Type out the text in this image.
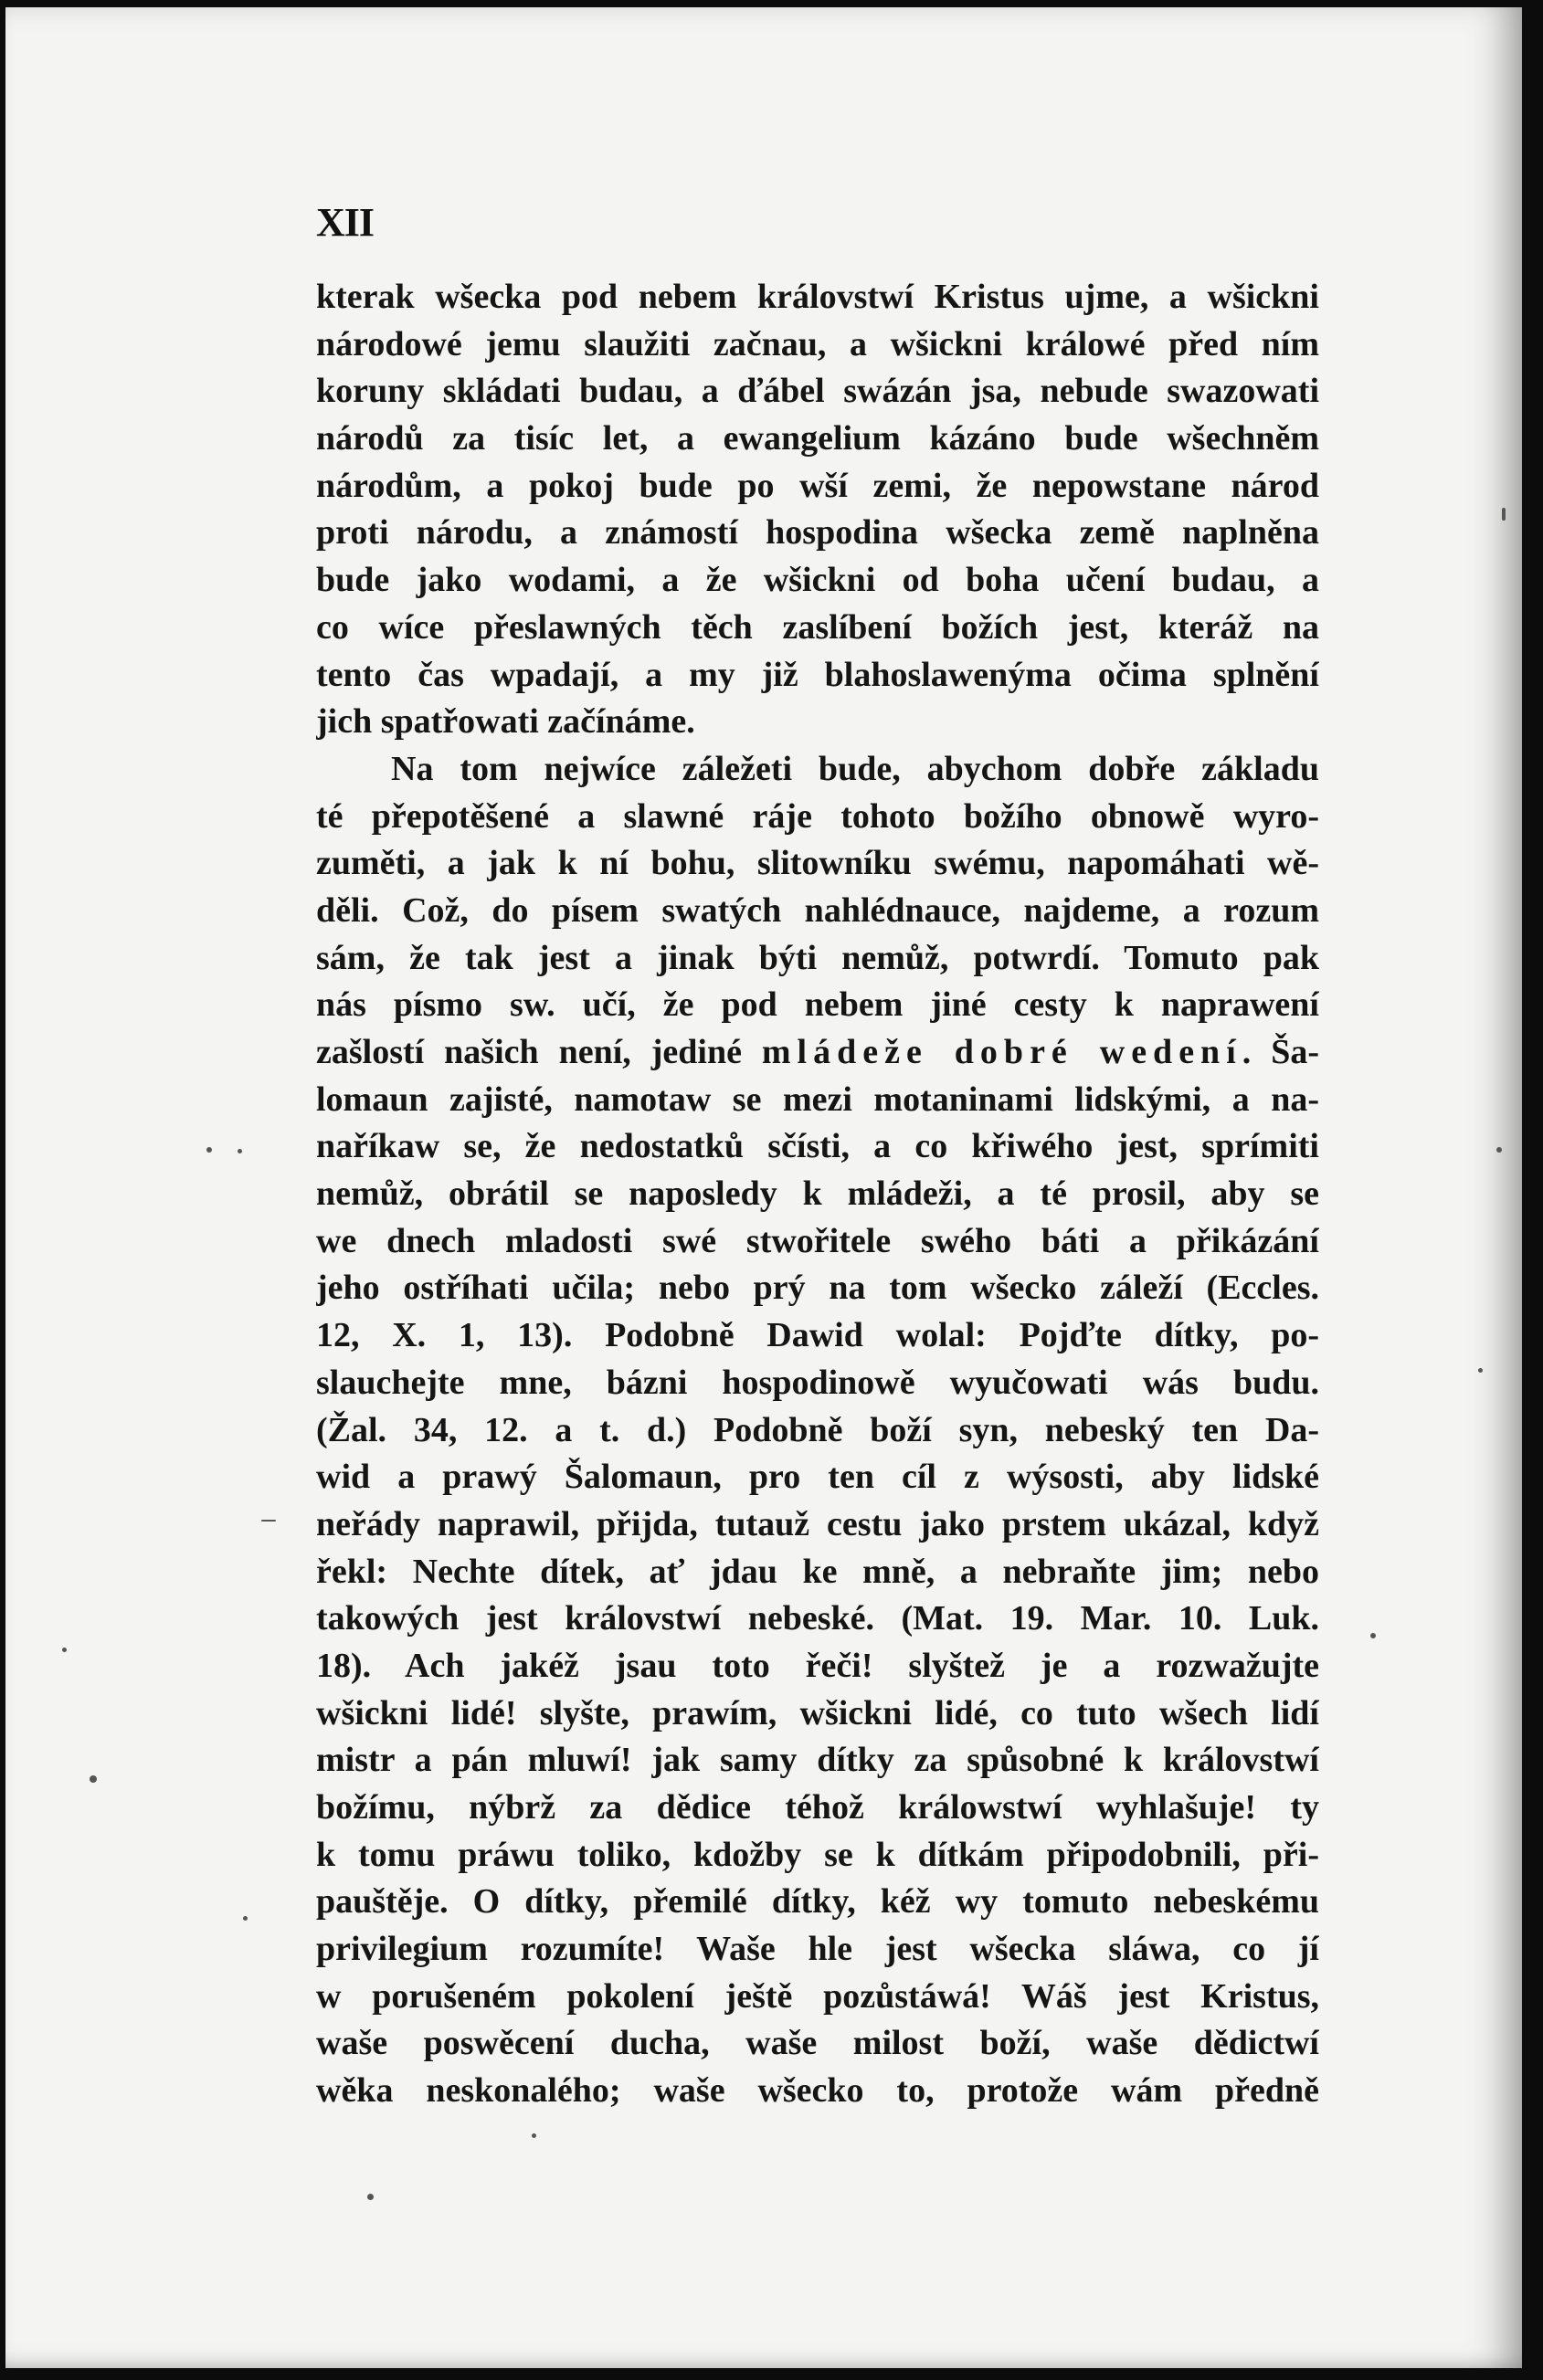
XII
kterak wšecka pod nebem královstwí Kristus ujme, a wšickni
národowé jemu slaužiti začnau, a wšickni králowé před ním
koruny skládati budau, a ďábel swázán jsa, nebude swazowati
národů za tisíc let, a ewangelium kázáno bude wšechněm
národům, a pokoj bude po wší zemi, že nepowstane národ
proti národu, a známostí hospodina wšecka země naplněna
bude jako wodami, a že wšickni od boha učení budau, a
co wíce přeslawných těch zaslíbení božích jest, kteráž na
tento čas wpadají, a my již blahoslawenýma očima splnění
jich spatřowati začínáme.
Na tom nejwíce záležeti bude, abychom dobře základu
té přepotěšené a slawné ráje tohoto božího obnowě wyro-
zuměti, a jak k ní bohu, slitowníku swému, napomáhati wě-
děli. Což, do písem swatých nahlédnauce, najdeme, a rozum
sám, že tak jest a jinak býti nemůž, potwrdí. Tomuto pak
nás písmo sw. učí, že pod nebem jiné cesty k naprawení
zašlostí našich není, jediné mládeže dobré wedení. Ša-
lomaun zajisté, namotaw se mezi motaninami lidskými, a na-
naříkaw se, že nedostatků sčísti, a co křiwého jest, sprímiti
nemůž, obrátil se naposledy k mládeži, a té prosil, aby se
we dnech mladosti swé stwořitele swého báti a přikázání
jeho ostříhati učila; nebo prý na tom wšecko záleží (Eccles.
12, X. 1, 13). Podobně Dawid wolal: Pojďte dítky, po-
slauchejte mne, bázni hospodinowě wyučowati wás budu.
(Žal. 34, 12. a t. d.) Podobně boží syn, nebeský ten Da-
wid a prawý Šalomaun, pro ten cíl z wýsosti, aby lidské
neřády naprawil, přijda, tutauž cestu jako prstem ukázal, když
řekl: Nechte dítek, ať jdau ke mně, a nebraňte jim; nebo
takowých jest královstwí nebeské. (Mat. 19. Mar. 10. Luk.
18). Ach jakéž jsau toto řeči! slyštež je a rozwažujte
wšickni lidé! slyšte, prawím, wšickni lidé, co tuto wšech lidí
mistr a pán mluwí! jak samy dítky za spůsobné k královstwí
božímu, nýbrž za dědice téhož králowstwí wyhlašuje! ty
k tomu práwu toliko, kdožby se k dítkám připodobnili, při-
pauštěje. O dítky, přemilé dítky, kéž wy tomuto nebeskému
privilegium rozumíte! Waše hle jest wšecka sláwa, co jí
w porušeném pokolení ještě pozůstáwá! Wáš jest Kristus,
waše poswěcení ducha, waše milost boží, waše dědictwí
wěka neskonalého; waše wšecko to, protože wám předně
